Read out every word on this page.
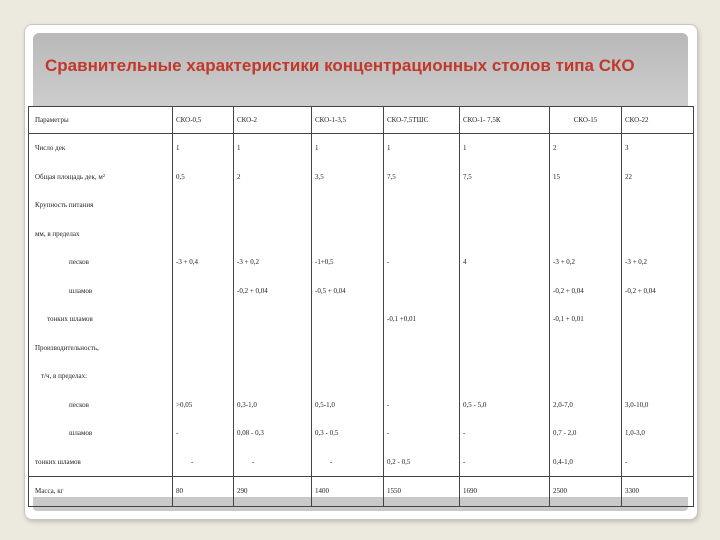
Сравнительные характеристики концентрационных столов типа СКО
Параметры	СКО-0,5	СКО-2	СКО-1-3,5	СКО-7,5ТШС	СКО-1- 7,5К	СКО-15	СКО-22
Число дек	1	1	1	1	1	2	3
Общая площадь дек, м²	0,5	2	3,5	7,5	7,5	15	22
Крупность питания							
мм, в пределах							
песков	-3 + 0,4	-3 + 0,2	-1+0,5	-	4	-3 + 0,2	-3 + 0,2
шламов		-0,2 + 0,04	-0,5 + 0,04			-0,2 + 0,04	-0,2 + 0,04
тонких шламов				-0,1 +0,01		-0,1 + 0,01	
Производительность,							
т/ч, в пределах:							
песков	>0,05	0,3-1,0	0,5-1,0	-	0,5 - 5,0	2,0-7,0	3,0-10,0
шламов	-	0,08 - 0,3	0,3 - 0,5	-	-	0,7 - 2,0	1,0-3,0
тонких шламов	-	-	-	0,2 - 0,5	-	0,4-1,0	-
Масса, кг	80	290	1400	1550	1690	2500	3300
